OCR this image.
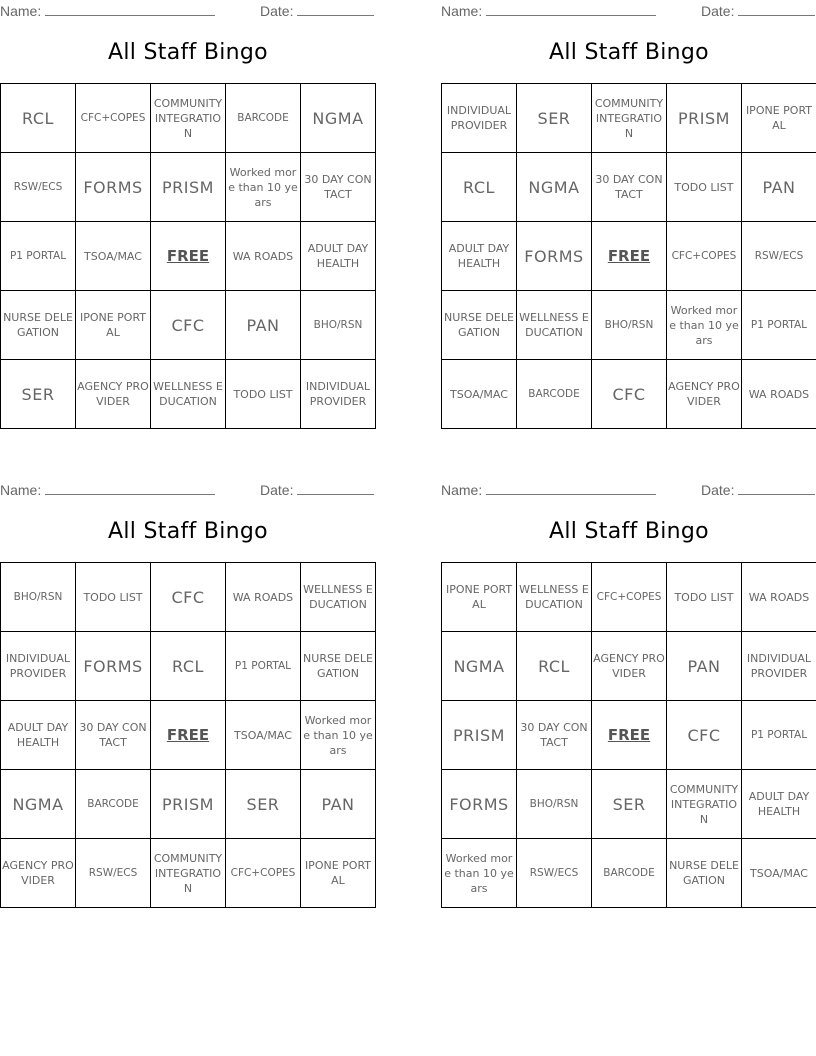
Name:	Date:
All Staff Bingo
RCL	CFC+COPES	COMMUNITY INTEGRATION	BARCODE	NGMA
RSW/ECS	FORMS	PRISM	Worked more than 10 years	30 DAY CONTACT
P1 PORTAL	TSOA/MAC	FREE	WA ROADS	ADULT DAY HEALTH
NURSE DELEGATION	IPONE PORTAL	CFC	PAN	BHO/RSN
SER	AGENCY PROVIDER	WELLNESS EDUCATION	TODO LIST	INDIVIDUAL PROVIDER
Name:	Date:
All Staff Bingo
INDIVIDUAL PROVIDER	SER	COMMUNITY INTEGRATION	PRISM	IPONE PORTAL
RCL	NGMA	30 DAY CONTACT	TODO LIST	PAN
ADULT DAY HEALTH	FORMS	FREE	CFC+COPES	RSW/ECS
NURSE DELEGATION	WELLNESS EDUCATION	BHO/RSN	Worked more than 10 years	P1 PORTAL
TSOA/MAC	BARCODE	CFC	AGENCY PROVIDER	WA ROADS
Name:	Date:
All Staff Bingo
BHO/RSN	TODO LIST	CFC	WA ROADS	WELLNESS EDUCATION
INDIVIDUAL PROVIDER	FORMS	RCL	P1 PORTAL	NURSE DELEGATION
ADULT DAY HEALTH	30 DAY CONTACT	FREE	TSOA/MAC	Worked more than 10 years
NGMA	BARCODE	PRISM	SER	PAN
AGENCY PROVIDER	RSW/ECS	COMMUNITY INTEGRATION	CFC+COPES	IPONE PORTAL
Name:	Date:
All Staff Bingo
IPONE PORTAL	WELLNESS EDUCATION	CFC+COPES	TODO LIST	WA ROADS
NGMA	RCL	AGENCY PROVIDER	PAN	INDIVIDUAL PROVIDER
PRISM	30 DAY CONTACT	FREE	CFC	P1 PORTAL
FORMS	BHO/RSN	SER	COMMUNITY INTEGRATION	ADULT DAY HEALTH
Worked more than 10 years	RSW/ECS	BARCODE	NURSE DELEGATION	TSOA/MAC
